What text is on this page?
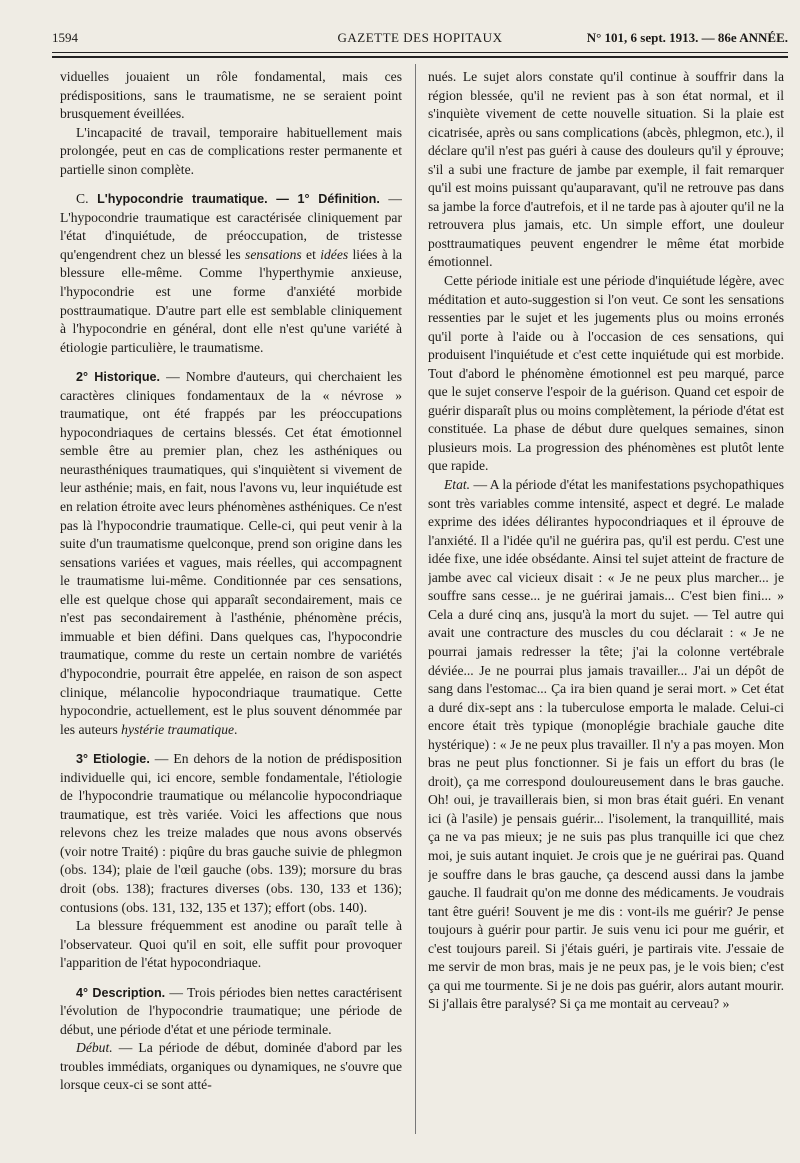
1594	GAZETTE DES HOPITAUX	N° 101, 6 sept. 1913. — 86e ANNÉE.

viduelles jouaient un rôle fondamental, mais ces prédispositions, sans le traumatisme, ne se seraient point brusquement éveillées.

L'incapacité de travail, temporaire habituellement mais prolongée, peut en cas de complications rester permanente et partielle sinon complète.

C. L'hypocondrie traumatique. — 1° Définition. — L'hypocondrie traumatique est caractérisée cliniquement par l'état d'inquiétude, de préoccupation, de tristesse qu'engendrent chez un blessé les sensations et idées liées à la blessure elle-même. Comme l'hyperthymie anxieuse, l'hypocondrie est une forme d'anxiété morbide posttraumatique. D'autre part elle est semblable cliniquement à l'hypocondrie en général, dont elle n'est qu'une variété à étiologie particulière, le traumatisme.

2° Historique. — Nombre d'auteurs, qui cherchaient les caractères cliniques fondamentaux de la « névrose » traumatique, ont été frappés par les préoccupations hypocondriaques de certains blessés. Cet état émotionnel semble être au premier plan, chez les asthéniques ou neurasthéniques traumatiques, qui s'inquiètent si vivement de leur asthénie; mais, en fait, nous l'avons vu, leur inquiétude est en relation étroite avec leurs phénomènes asthéniques. Ce n'est pas là l'hypocondrie traumatique. Celle-ci, qui peut venir à la suite d'un traumatisme quelconque, prend son origine dans les sensations variées et vagues, mais réelles, qui accompagnent le traumatisme lui-même. Conditionnée par ces sensations, elle est quelque chose qui apparaît secondairement, mais ce n'est pas secondairement à l'asthénie, phénomène précis, immuable et bien défini. Dans quelques cas, l'hypocondrie traumatique, comme du reste un certain nombre de variétés d'hypocondrie, pourrait être appelée, en raison de son aspect clinique, mélancolie hypocondriaque traumatique. Cette hypocondrie, actuellement, est le plus souvent dénommée par les auteurs hystérie traumatique.

3° Etiologie. — En dehors de la notion de prédisposition individuelle qui, ici encore, semble fondamentale, l'étiologie de l'hypocondrie traumatique ou mélancolie hypocondriaque traumatique, est très variée. Voici les affections que nous relevons chez les treize malades que nous avons observés (voir notre Traité) : piqûre du bras gauche suivie de phlegmon (obs. 134); plaie de l'œil gauche (obs. 139); morsure du bras droit (obs. 138); fractures diverses (obs. 130, 133 et 136); contusions (obs. 131, 132, 135 et 137); effort (obs. 140).

La blessure fréquemment est anodine ou paraît telle à l'observateur. Quoi qu'il en soit, elle suffit pour provoquer l'apparition de l'état hypocondriaque.

4° Description. — Trois périodes bien nettes caractérisent l'évolution de l'hypocondrie traumatique; une période de début, une période d'état et une période terminale.

Début. — La période de début, dominée d'abord par les troubles immédiats, organiques ou dynamiques, ne s'ouvre que lorsque ceux-ci se sont atté-

nués. Le sujet alors constate qu'il continue à souffrir dans la région blessée, qu'il ne revient pas à son état normal, et il s'inquiète vivement de cette nouvelle situation. Si la plaie est cicatrisée, après ou sans complications (abcès, phlegmon, etc.), il déclare qu'il n'est pas guéri à cause des douleurs qu'il y éprouve; s'il a subi une fracture de jambe par exemple, il fait remarquer qu'il est moins puissant qu'auparavant, qu'il ne retrouve pas dans sa jambe la force d'autrefois, et il ne tarde pas à ajouter qu'il ne la retrouvera plus jamais, etc. Un simple effort, une douleur posttraumatiques peuvent engendrer le même état morbide émotionnel.

Cette période initiale est une période d'inquiétude légère, avec méditation et auto-suggestion si l'on veut. Ce sont les sensations ressenties par le sujet et les jugements plus ou moins erronés qu'il porte à l'aide ou à l'occasion de ces sensations, qui produisent l'inquiétude et c'est cette inquiétude qui est morbide. Tout d'abord le phénomène émotionnel est peu marqué, parce que le sujet conserve l'espoir de la guérison. Quand cet espoir de guérir disparaît plus ou moins complètement, la période d'état est constituée. La phase de début dure quelques semaines, sinon plusieurs mois. La progression des phénomènes est plutôt lente que rapide.

Etat. — A la période d'état les manifestations psychopathiques sont très variables comme intensité, aspect et degré. Le malade exprime des idées délirantes hypocondriaques et il éprouve de l'anxiété. Il a l'idée qu'il ne guérira pas, qu'il est perdu. C'est une idée fixe, une idée obsédante. Ainsi tel sujet atteint de fracture de jambe avec cal vicieux disait : « Je ne peux plus marcher... je souffre sans cesse... je ne guérirai jamais... C'est bien fini... » Cela a duré cinq ans, jusqu'à la mort du sujet. — Tel autre qui avait une contracture des muscles du cou déclarait : « Je ne pourrai jamais redresser la tête; j'ai la colonne vertébrale déviée... Je ne pourrai plus jamais travailler... J'ai un dépôt de sang dans l'estomac... Ça ira bien quand je serai mort. » Cet état a duré dix-sept ans : la tuberculose emporta le malade. Celui-ci encore était très typique (monoplégie brachiale gauche dite hystérique) : « Je ne peux plus travailler. Il n'y a pas moyen. Mon bras ne peut plus fonctionner. Si je fais un effort du bras (le droit), ça me correspond douloureusement dans le bras gauche. Oh! oui, je travaillerais bien, si mon bras était guéri. En venant ici (à l'asile) je pensais guérir... l'isolement, la tranquillité, mais ça ne va pas mieux; je ne suis pas plus tranquille ici que chez moi, je suis autant inquiet. Je crois que je ne guérirai pas. Quand je souffre dans le bras gauche, ça descend aussi dans la jambe gauche. Il faudrait qu'on me donne des médicaments. Je voudrais tant être guéri! Souvent je me dis : vont-ils me guérir? Je pense toujours à guérir pour partir. Je suis venu ici pour me guérir, et c'est toujours pareil. Si j'étais guéri, je partirais vite. J'essaie de me servir de mon bras, mais je ne peux pas, je le vois bien; c'est ça qui me tourmente. Si je ne dois pas guérir, alors autant mourir. Si j'allais être paralysé? Si ça me montait au cerveau? »
